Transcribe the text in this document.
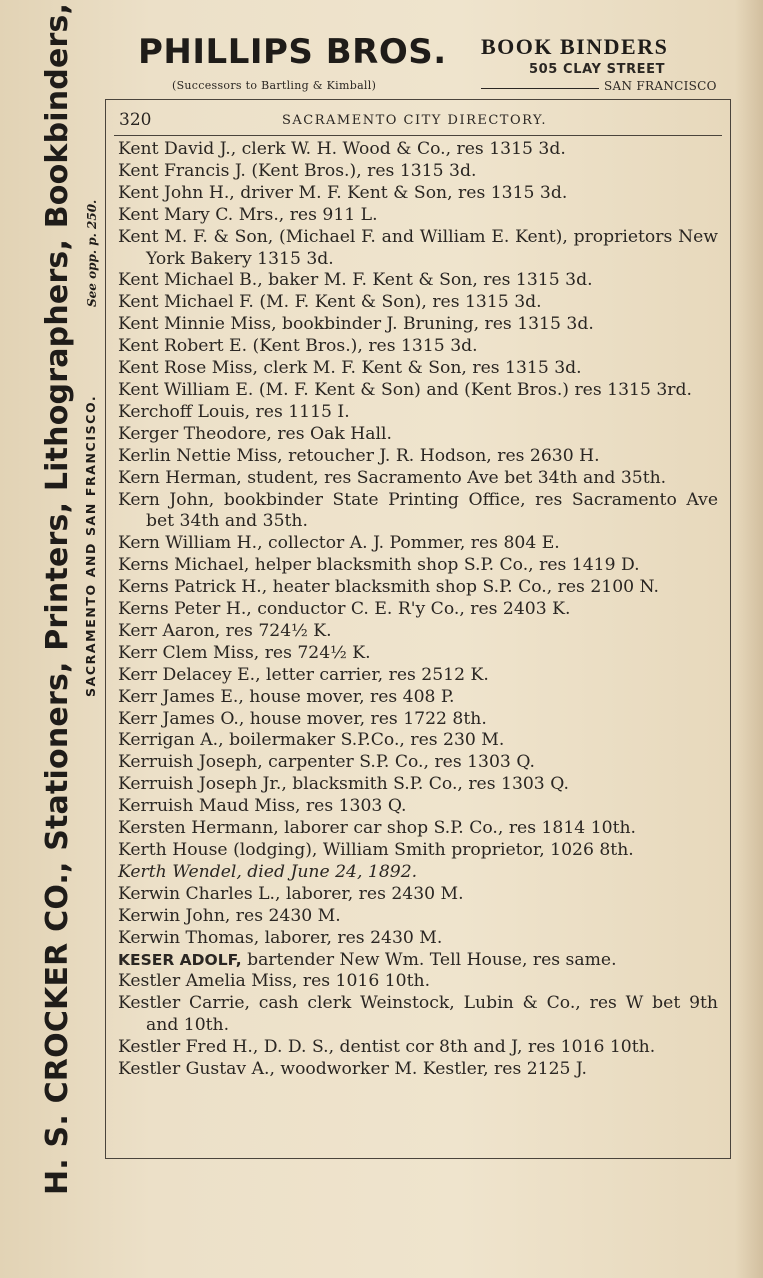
PHILLIPS BROS.
(Successors to Bartling & Kimball)
BOOK BINDERS
505 CLAY STREET
SAN FRANCISCO
H. S. CROCKER CO., Stationers, Printers, Lithographers, Bookbinders, SACRAMENTO AND SAN FRANCISCO.
See opp. p. 250.
320	SACRAMENTO CITY DIRECTORY.
Kent David J., clerk W. H. Wood & Co., res 1315 3d.
Kent Francis J. (Kent Bros.), res 1315 3d.
Kent John H., driver M. F. Kent & Son, res 1315 3d.
Kent Mary C. Mrs., res 911 L.
Kent M. F. & Son, (Michael F. and William E. Kent), proprietors New York Bakery 1315 3d.
Kent Michael B., baker M. F. Kent & Son, res 1315 3d.
Kent Michael F. (M. F. Kent & Son), res 1315 3d.
Kent Minnie Miss, bookbinder J. Bruning, res 1315 3d.
Kent Robert E. (Kent Bros.), res 1315 3d.
Kent Rose Miss, clerk M. F. Kent & Son, res 1315 3d.
Kent William E. (M. F. Kent & Son) and (Kent Bros.) res 1315 3rd.
Kerchoff Louis, res 1115 I.
Kerger Theodore, res Oak Hall.
Kerlin Nettie Miss, retoucher J. R. Hodson, res 2630 H.
Kern Herman, student, res Sacramento Ave bet 34th and 35th.
Kern John, bookbinder State Printing Office, res Sacramento Ave bet 34th and 35th.
Kern William H., collector A. J. Pommer, res 804 E.
Kerns Michael, helper blacksmith shop S.P. Co., res 1419 D.
Kerns Patrick H., heater blacksmith shop S.P. Co., res 2100 N.
Kerns Peter H., conductor C. E. R'y Co., res 2403 K.
Kerr Aaron, res 724½ K.
Kerr Clem Miss, res 724½ K.
Kerr Delacey E., letter carrier, res 2512 K.
Kerr James E., house mover, res 408 P.
Kerr James O., house mover, res 1722 8th.
Kerrigan A., boilermaker S.P.Co., res 230 M.
Kerruish Joseph, carpenter S.P. Co., res 1303 Q.
Kerruish Joseph Jr., blacksmith S.P. Co., res 1303 Q.
Kerruish Maud Miss, res 1303 Q.
Kersten Hermann, laborer car shop S.P. Co., res 1814 10th.
Kerth House (lodging), William Smith proprietor, 1026 8th.
Kerth Wendel, died June 24, 1892.
Kerwin Charles L., laborer, res 2430 M.
Kerwin John, res 2430 M.
Kerwin Thomas, laborer, res 2430 M.
KESER ADOLF, bartender New Wm. Tell House, res same.
Kestler Amelia Miss, res 1016 10th.
Kestler Carrie, cash clerk Weinstock, Lubin & Co., res W bet 9th and 10th.
Kestler Fred H., D. D. S., dentist cor 8th and J, res 1016 10th.
Kestler Gustav A., woodworker M. Kestler, res 2125 J.
